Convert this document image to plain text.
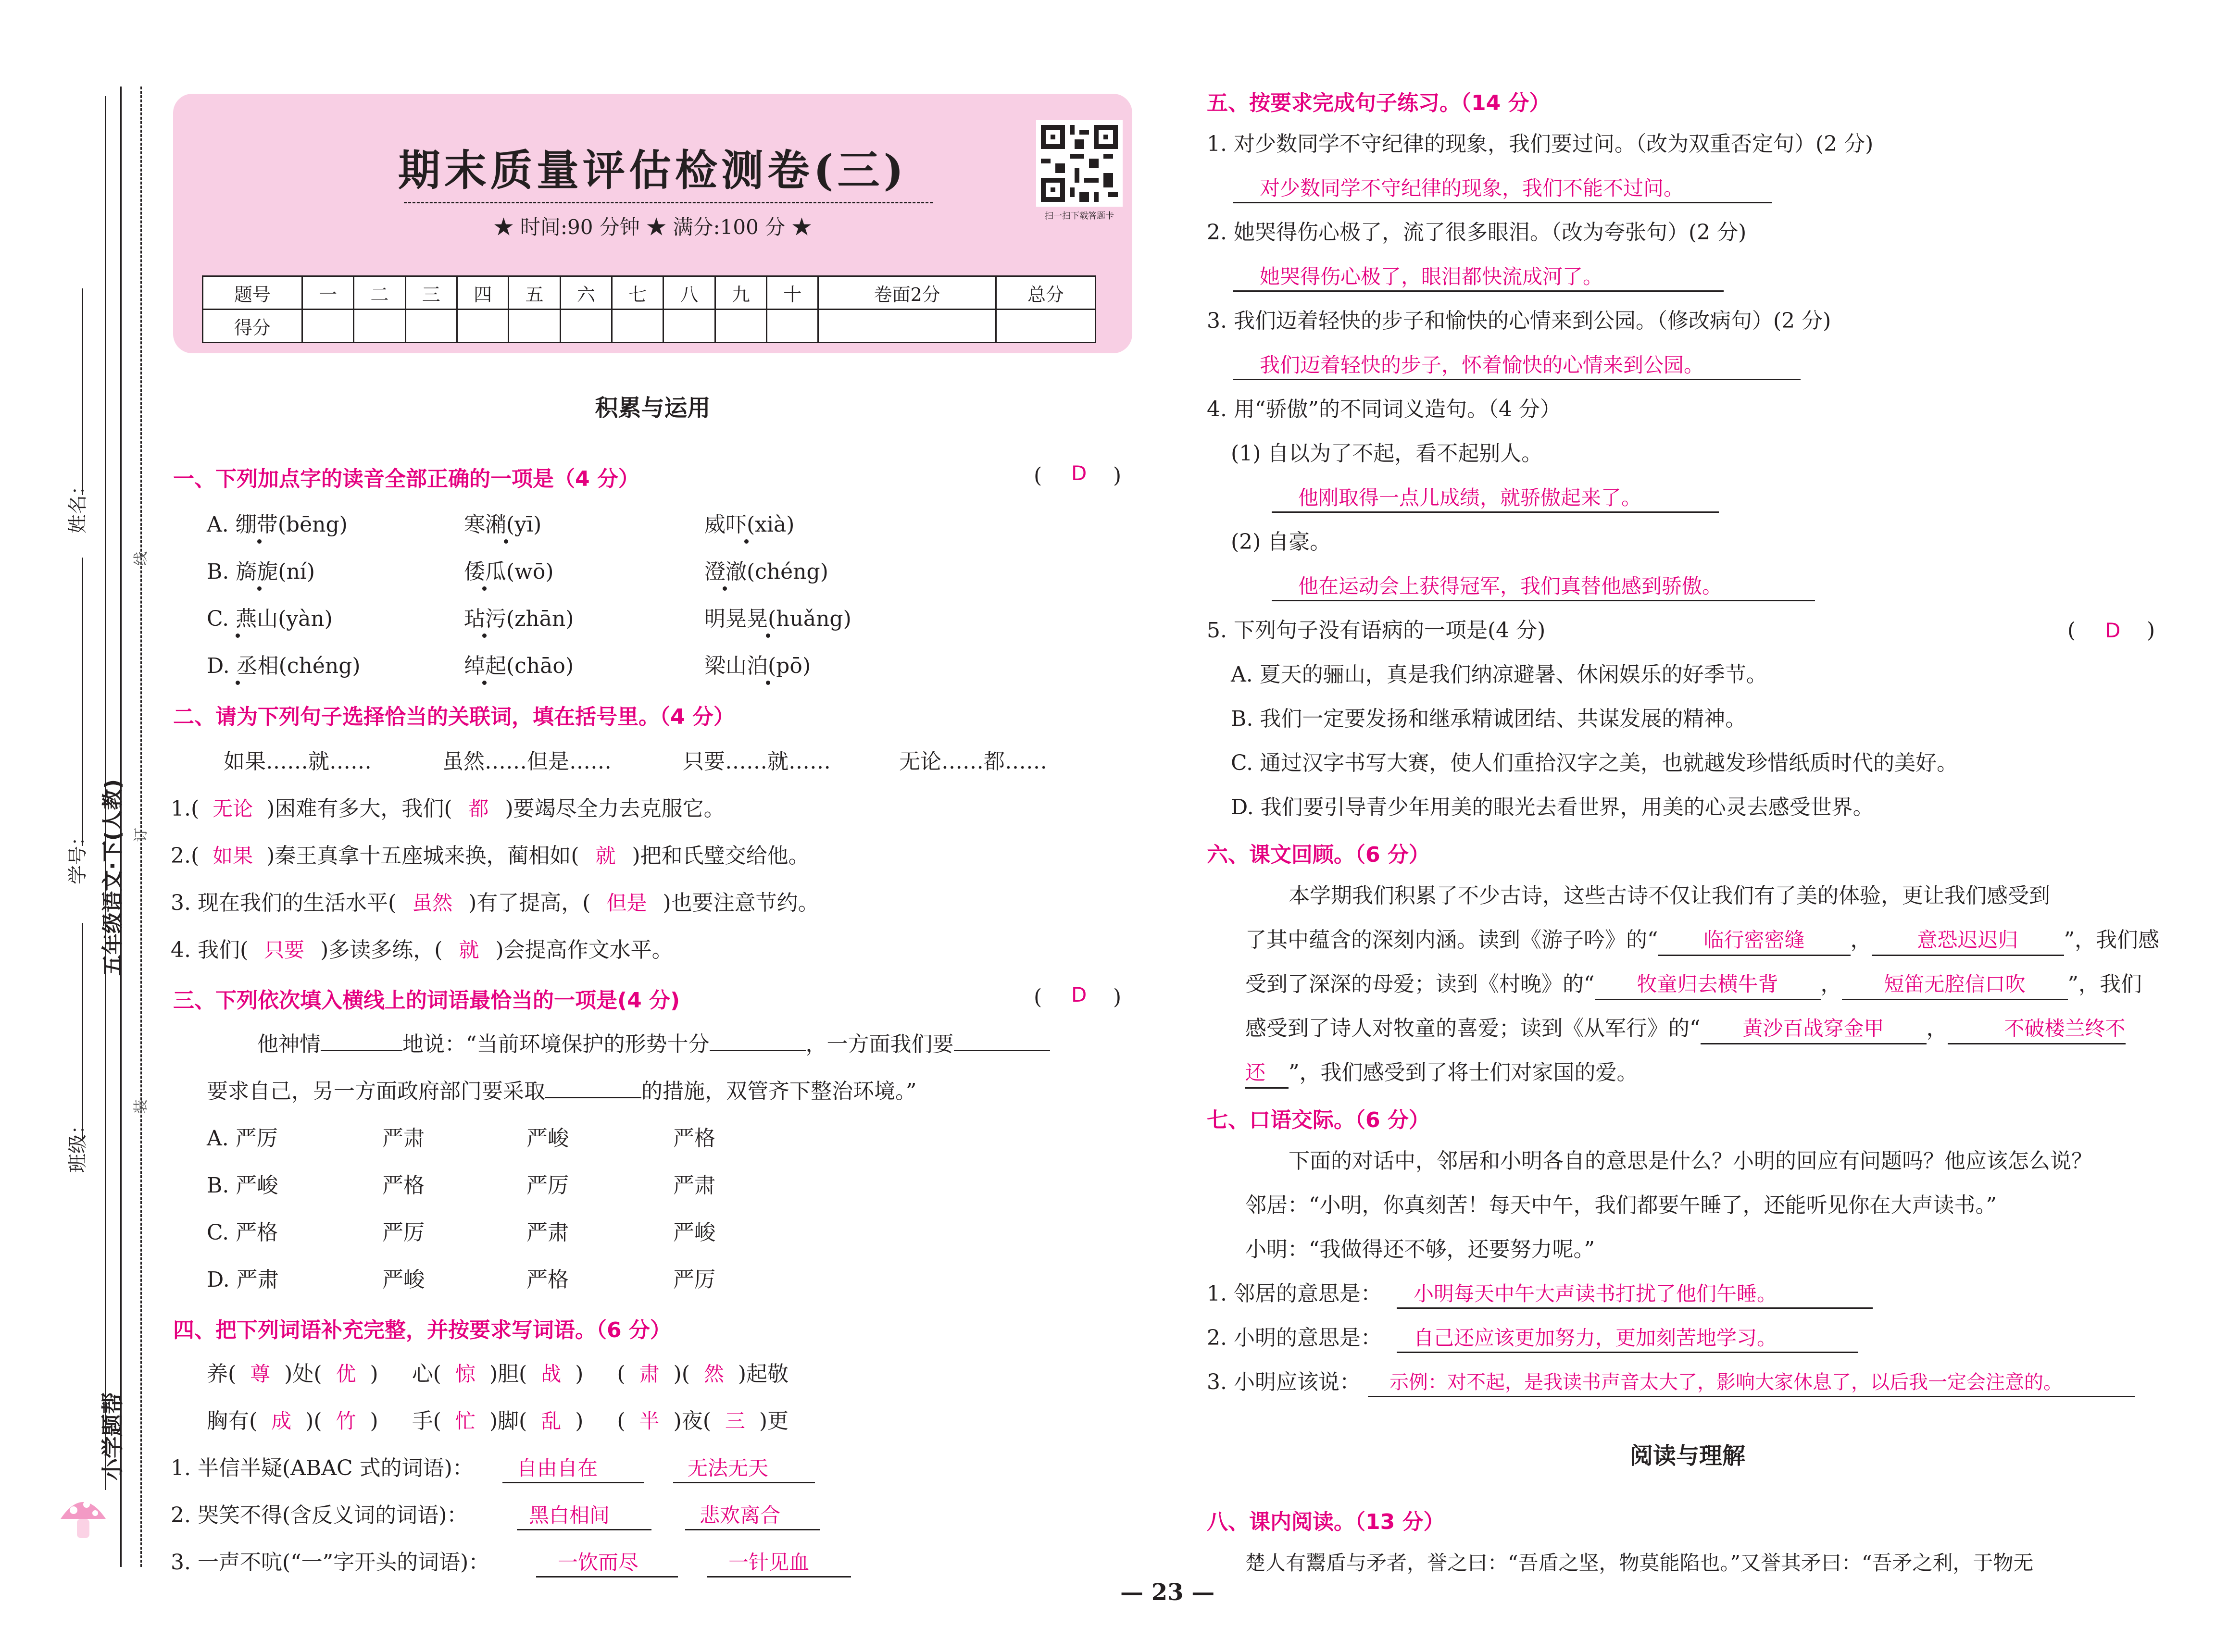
姓名：
学号： 五年级语文·下(人教)
班级：
小学题帮
线
订
装
期末质量评估检测卷(三)
★ 时间:90 分钟 ★ 满分:100 分 ★	扫一扫下载答题卡
题号	一	二	三	四	五	六	七	八	九	十	卷面2分	总分
得分												
积累与运用
一、下列加点字的读音全部正确的一项是（4 分）	( D )
A. 绷带(bēng)	寒潲(yī)	威吓(xià)
B. 旖旎(ní)	倭瓜(wō)	澄澈(chéng)
C. 燕山(yàn)	玷污(zhān)	明晃晃(huǎng)
D. 丞相(chéng)	绰起(chāo)	梁山泊(pō)
二、请为下列句子选择恰当的关联词，填在括号里。（4 分）
如果……就……	虽然……但是……	只要……就……	无论……都……
1.( 无论 )困难有多大，我们( 都 )要竭尽全力去克服它。
2.( 如果 )秦王真拿十五座城来换，蔺相如( 就 )把和氏璧交给他。
3. 现在我们的生活水平( 虽然 )有了提高，( 但是 )也要注意节约。
4. 我们( 只要 )多读多练，( 就 )会提高作文水平。
三、下列依次填入横线上的词语最恰当的一项是(4 分)	( D )
他神情	地说：“当前环境保护的形势十分	，一方面我们要
要求自己，另一方面政府部门要采取	的措施，双管齐下整治环境。”
A. 严厉	严肃	严峻	严格
B. 严峻	严格	严厉	严肃
C. 严格	严厉	严肃	严峻
D. 严肃	严峻	严格	严厉
四、把下列词语补充完整，并按要求写词语。（6 分）
养( 尊 )处( 优 ) 心( 惊 )胆( 战 ) ( 肃 )( 然 )起敬
胸有( 成 )( 竹 ) 手( 忙 )脚( 乱 ) ( 半 )夜( 三 )更
1. 半信半疑(ABAC 式的词语)： 自由自在	无法无天
2. 哭笑不得(含反义词的词语)：	黑白相间	悲欢离合
3. 一声不吭(“一”字开头的词语)：	一饮而尽	一针见血
五、按要求完成句子练习。（14 分）
1. 对少数同学不守纪律的现象，我们要过问。（改为双重否定句）(2 分)
对少数同学不守纪律的现象，我们不能不过问。
2. 她哭得伤心极了，流了很多眼泪。（改为夸张句）(2 分)
她哭得伤心极了，眼泪都快流成河了。
3. 我们迈着轻快的步子和愉快的心情来到公园。（修改病句）(2 分)
我们迈着轻快的步子，怀着愉快的心情来到公园。
4. 用“骄傲”的不同词义造句。（4 分）
(1) 自以为了不起，看不起别人。
他刚取得一点儿成绩，就骄傲起来了。
(2) 自豪。
他在运动会上获得冠军，我们真替他感到骄傲。
5. 下列句子没有语病的一项是(4 分)	( D )
A. 夏天的骊山，真是我们纳凉避暑、休闲娱乐的好季节。
B. 我们一定要发扬和继承精诚团结、共谋发展的精神。
C. 通过汉字书写大赛，使人们重拾汉字之美，也就越发珍惜纸质时代的美好。
D. 我们要引导青少年用美的眼光去看世界，用美的心灵去感受世界。
六、课文回顾。（6 分）
本学期我们积累了不少古诗，这些古诗不仅让我们有了美的体验，更让我们感受到
了其中蕴含的深刻内涵。读到《游子吟》的“ 临行密密缝 ， 意恐迟迟归 ”，我们感
受到了深深的母爱；读到《村晚》的“ 牧童归去横牛背 ， 短笛无腔信口吹 ”，我们
感受到了诗人对牧童的喜爱；读到《从军行》的“ 黄沙百战穿金甲 ，	不破楼兰终不
还 ”，我们感受到了将士们对家国的爱。
七、口语交际。（6 分）
下面的对话中，邻居和小明各自的意思是什么？小明的回应有问题吗？他应该怎么说？
邻居：“小明，你真刻苦！每天中午，我们都要午睡了，还能听见你在大声读书。”
小明：“我做得还不够，还要努力呢。”
1. 邻居的意思是： 小明每天中午大声读书打扰了他们午睡。
2. 小明的意思是： 自己还应该更加努力，更加刻苦地学习。
3. 小明应该说： 示例：对不起，是我读书声音太大了，影响大家休息了，以后我一定会注意的。
阅读与理解
八、课内阅读。（13 分）
楚人有鬻盾与矛者，誉之曰：“吾盾之坚，物莫能陷也。”又誉其矛曰：“吾矛之利，于物无
— 23 —
